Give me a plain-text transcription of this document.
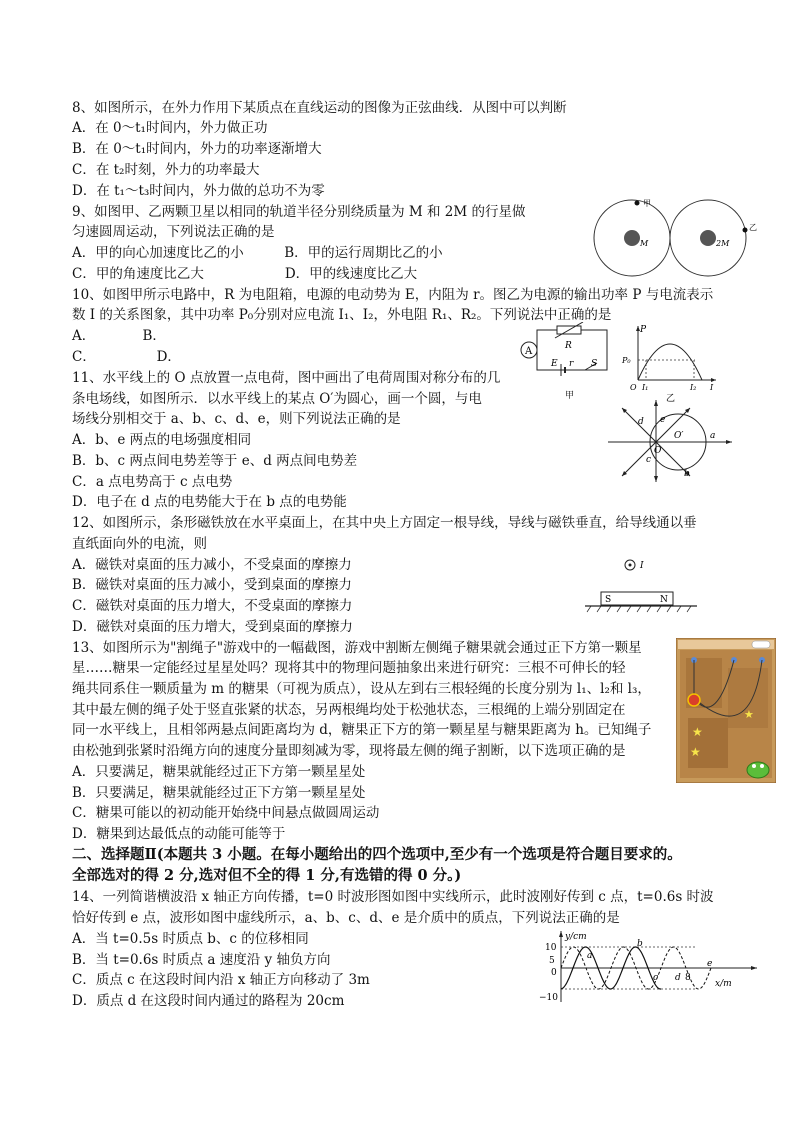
8、如图所示，在外力作用下某质点在直线运动的图像为正弦曲线．从图中可以判断
A．在 0～t₁时间内，外力做正功
B．在 0～t₁时间内，外力的功率逐渐增大
C．在 t₂时刻，外力的功率最大
D．在 t₁～t₃时间内，外力做的总功不为零
9、如图甲、乙两颗卫星以相同的轨道半径分别绕质量为 M 和 2M 的行星做
匀速圆周运动，下列说法正确的是
A．甲的向心加速度比乙的小　　　B．甲的运行周期比乙的小
C．甲的角速度比乙大　　　　　　D．甲的线速度比乙大
甲
M
乙
2M
10、如图甲所示电路中，R 为电阻箱，电源的电动势为 E，内阻为 r。图乙为电源的输出功率 P 与电流表示
数 I 的关系图象，其中功率 P₀分别对应电流 I₁、I₂，外电阻 R₁、R₂。下列说法中正确的是
A．　　　　B．
C．　　　　　D．	A	R
E r S
甲
P
P₀
O I₁	I₂ I
乙
11、水平线上的 O 点放置一点电荷，图中画出了电荷周围对称分布的几
条电场线，如图所示．以水平线上的某点 O′为圆心，画一个圆，与电
场线分别相交于 a、b、c、d、e，则下列说法正确的是
A．b、e 两点的电场强度相同
B．b、c 两点间电势差等于 e、d 两点间电势差
C．a 点电势高于 c 点电势
D．电子在 d 点的电势能大于在 b 点的电势能
O
O′	a
b
c
d e
12、如图所示，条形磁铁放在水平桌面上，在其中央上方固定一根导线，导线与磁铁垂直，给导线通以垂
直纸面向外的电流，则
A．磁铁对桌面的压力减小，不受桌面的摩擦力
B．磁铁对桌面的压力减小，受到桌面的摩擦力
C．磁铁对桌面的压力增大，不受桌面的摩擦力
D．磁铁对桌面的压力增大，受到桌面的摩擦力
I
S	N
13、如图所示为"割绳子"游戏中的一幅截图，游戏中割断左侧绳子糖果就会通过正下方第一颗星
星……糖果一定能经过星星处吗？现将其中的物理问题抽象出来进行研究：三根不可伸长的轻
绳共同系住一颗质量为 m 的糖果（可视为质点），设从左到右三根轻绳的长度分别为 l₁、l₂和 l₃，
其中最左侧的绳子处于竖直张紧的状态，另两根绳均处于松弛状态，三根绳的上端分别固定在
同一水平线上，且相邻两悬点间距离均为 d，糖果正下方的第一颗星星与糖果距离为 h。已知绳子
由松弛到张紧时沿绳方向的速度分量即刻减为零，现将最左侧的绳子割断，以下选项正确的是
A．只要满足，糖果就能经过正下方第一颗星星处
B．只要满足，糖果就能经过正下方第一颗星星处
C．糖果可能以的初动能开始绕中间悬点做圆周运动
D．糖果到达最低点的动能可能等于
★
★
★
二、选择题Ⅱ(本题共 3 小题。在每小题给出的四个选项中,至少有一个选项是符合题目要求的。
全部选对的得 2 分,选对但不全的得 1 分,有选错的得 0 分。)
14、一列简谐横波沿 x 轴正方向传播，t=0 时波形图如图中实线所示，此时波刚好传到 c 点，t=0.6s 时波
恰好传到 e 点，波形如图中虚线所示，a、b、c、d、e 是介质中的质点，下列说法正确的是
A．当 t=0.5s 时质点 b、c 的位移相同
B．当 t=0.6s 时质点 a 速度沿 y 轴负方向
C．质点 c 在这段时间内沿 x 轴正方向移动了 3m
D．质点 d 在这段时间内通过的路程为 20cm
y/cm
x/m
10
5
0
−10
a
b
c d 8
e
